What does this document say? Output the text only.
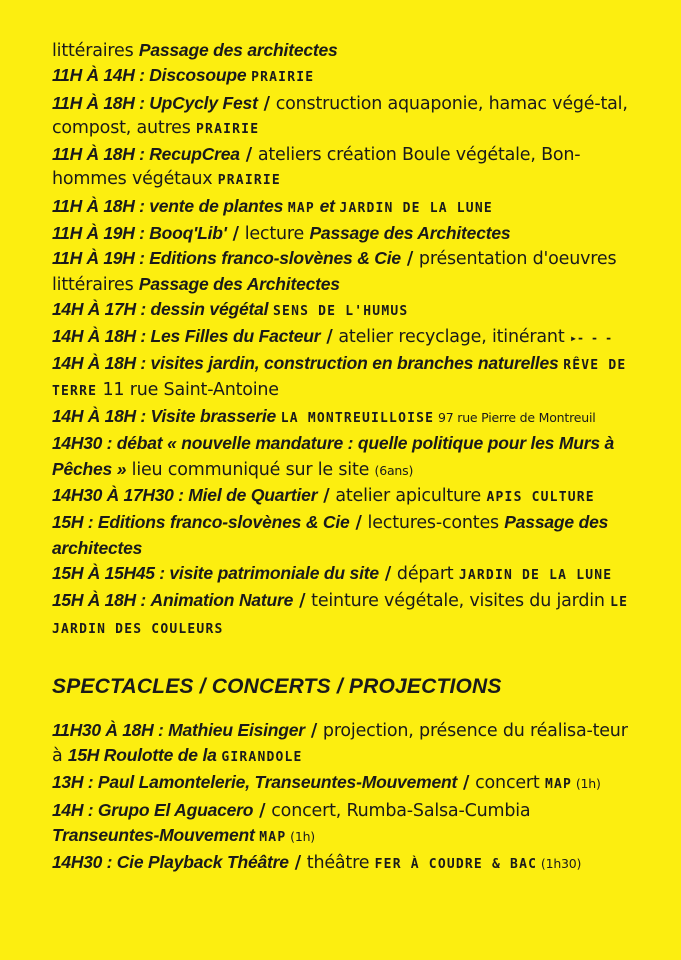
littéraires Passage des architectes
11H À 14H : Discosoupe PRAIRIE
11H À 18H : UpCycly Fest / construction aquaponie, hamac végé-tal, compost, autres PRAIRIE
11H À 18H : RecupCrea / ateliers création Boule végétale, Bon-hommes végétaux PRAIRIE
11H À 18H : vente de plantes MAP et JARDIN DE LA LUNE
11H À 19H : Booq'Lib' / lecture Passage des Architectes
11H À 19H : Editions franco-slovènes & Cie / présentation d'oeuvres littéraires Passage des Architectes
14H À 17H : dessin végétal SENS DE L'HUMUS
14H À 18H : Les Filles du Facteur / atelier recyclage, itinérant ▸- - -
14H À 18H : visites jardin, construction en branches naturelles RÊVE DE TERRE 11 rue Saint-Antoine
14H À 18H : Visite brasserie LA MONTREUILLOISE 97 rue Pierre de Montreuil
14H30 : débat « nouvelle mandature : quelle politique pour les Murs à Pêches » lieu communiqué sur le site (6ans)
14H30 À 17H30 : Miel de Quartier / atelier apiculture APIS CULTURE
15H : Editions franco-slovènes & Cie / lectures-contes Passage des architectes
15H À 15H45 : visite patrimoniale du site / départ JARDIN DE LA LUNE
15H À 18H : Animation Nature / teinture végétale, visites du jardin LE JARDIN DES COULEURS
SPECTACLES / CONCERTS / PROJECTIONS
11H30 À 18H : Mathieu Eisinger / projection, présence du réalisa-teur à 15H Roulotte de la GIRANDOLE
13H : Paul Lamontelerie, Transeuntes-Mouvement / concert MAP (1h)
14H : Grupo El Aguacero / concert, Rumba-Salsa-Cumbia Transeuntes-Mouvement MAP (1h)
14H30 : Cie Playback Théâtre / théâtre FER À COUDRE & BAC (1h30)
